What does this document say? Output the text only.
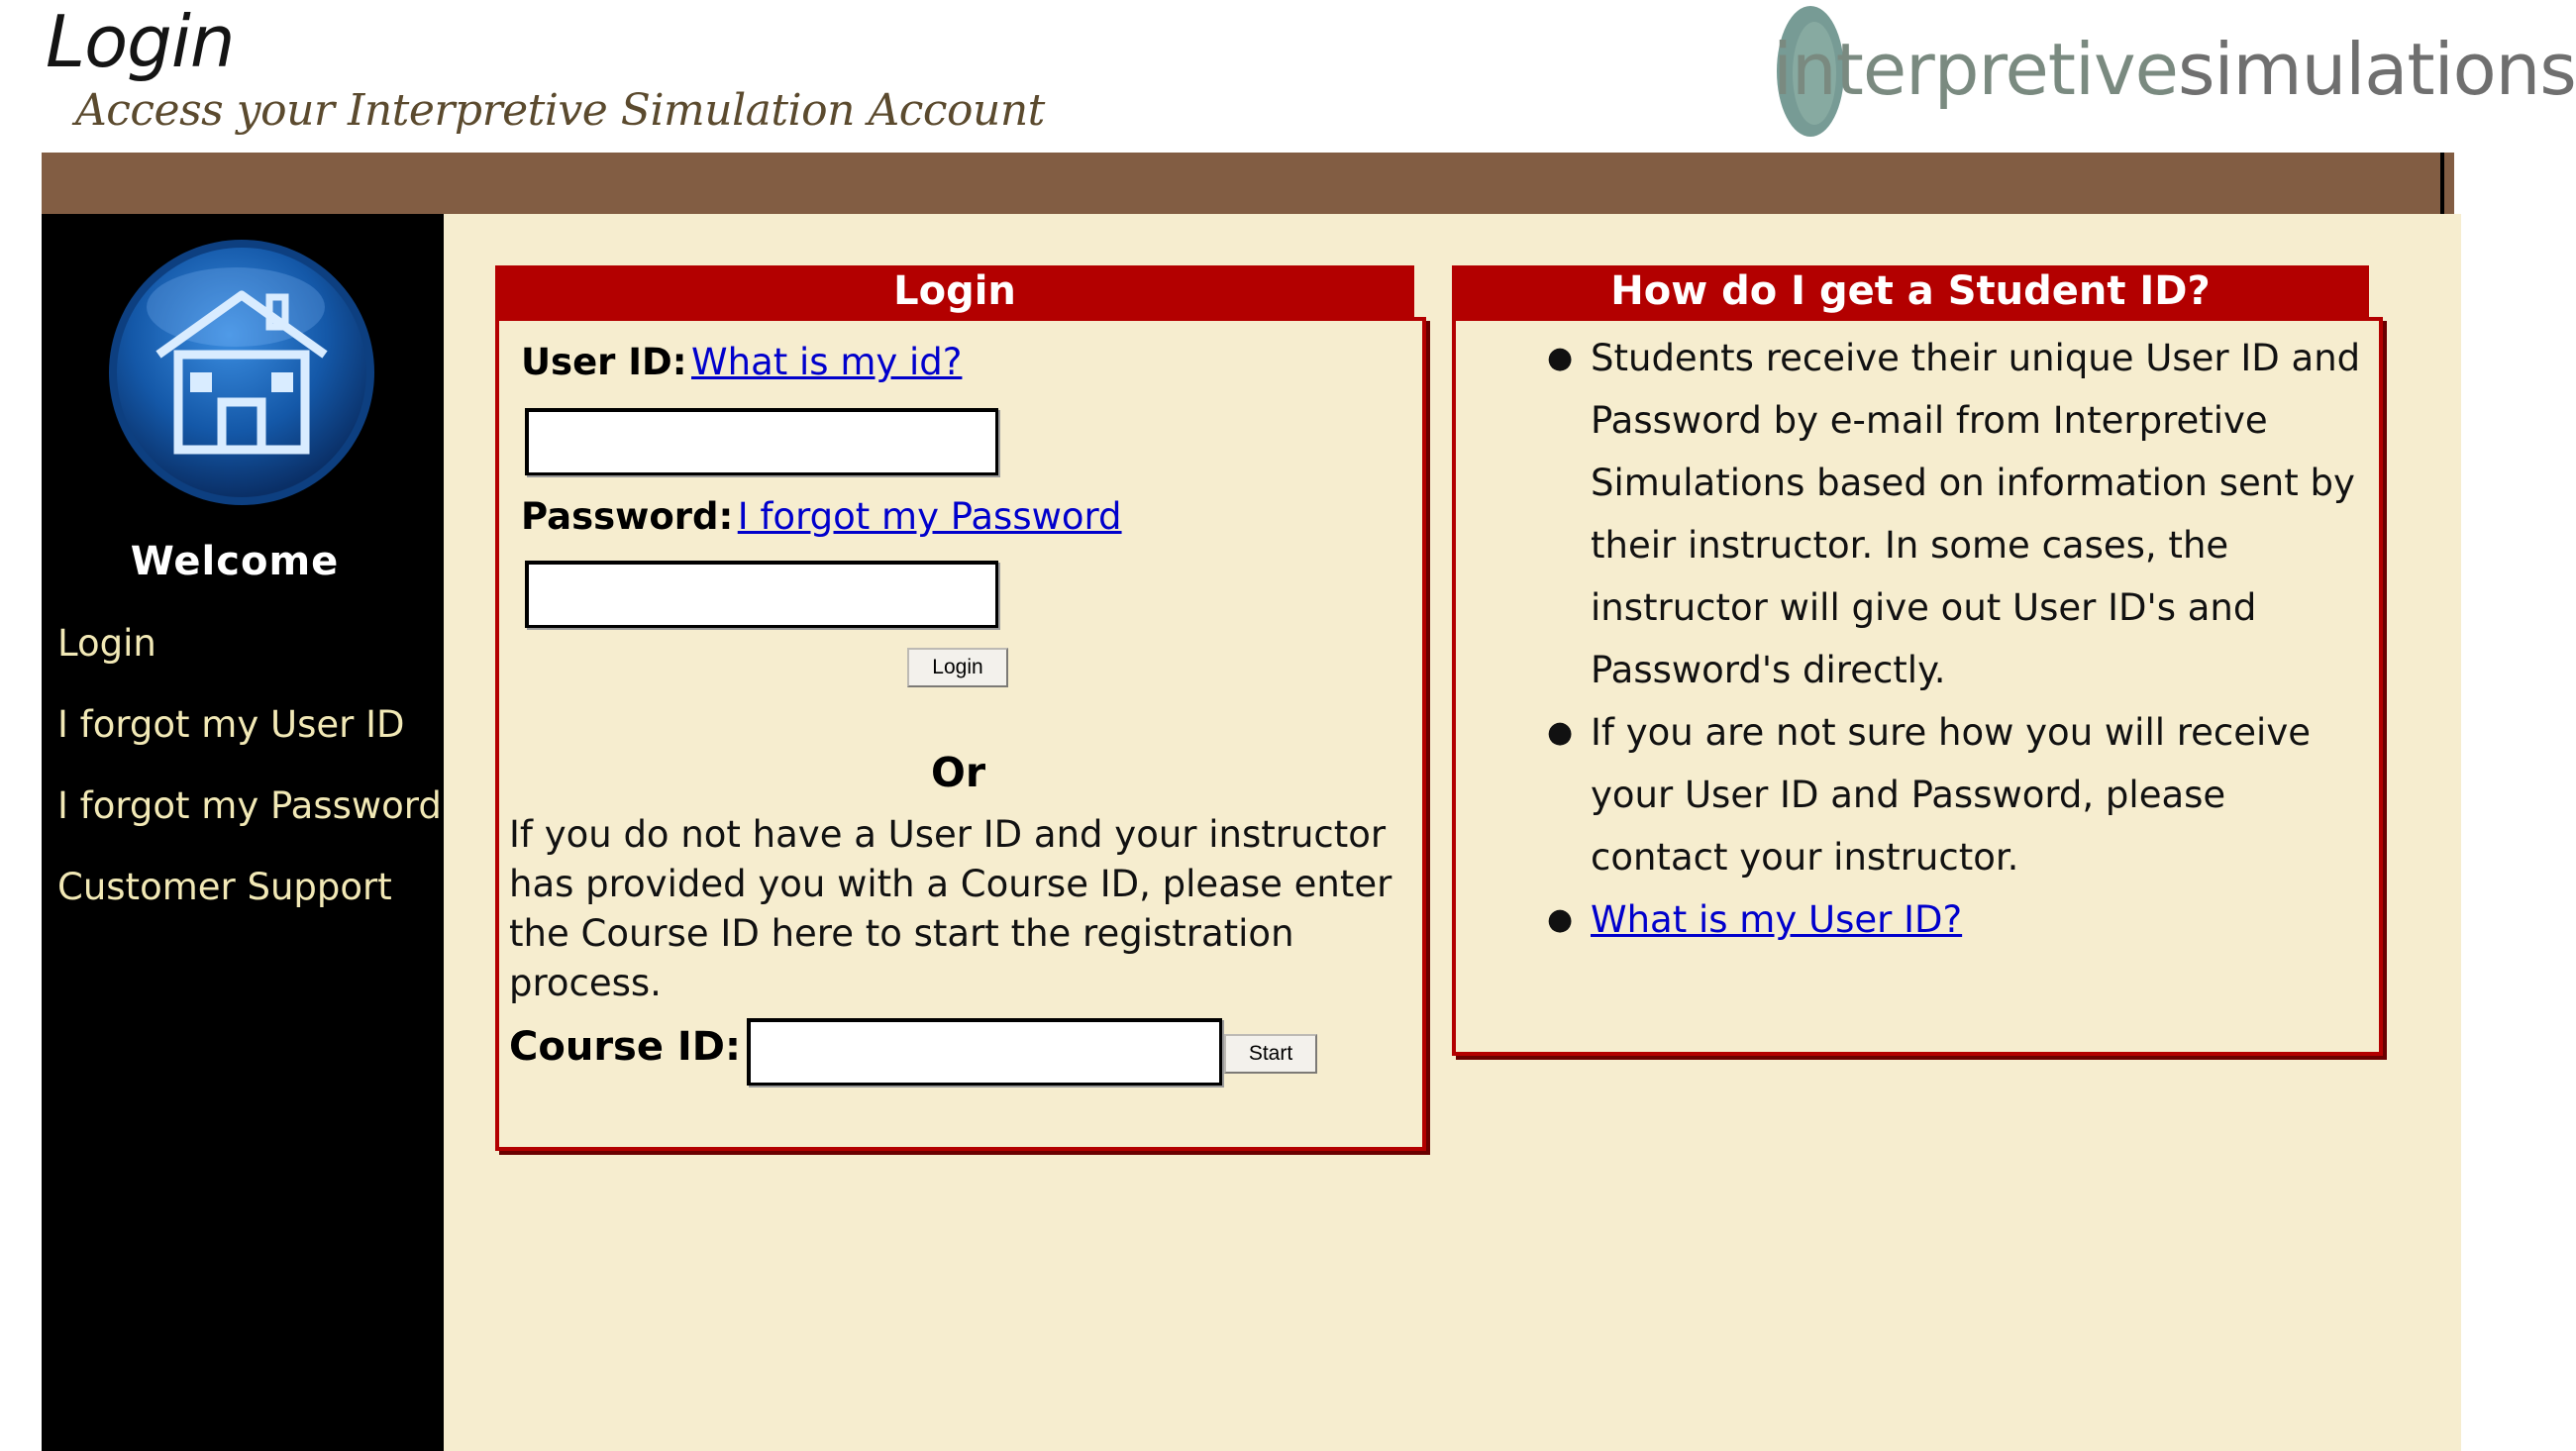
Login
Access your Interpretive Simulation Account	interpretivesimulations
Welcome
Login
I forgot my User ID
I forgot my Password
Customer Support
Login
User ID: What is my id?
Password: I forgot my Password
Login
Or
If you do not have a User ID and your instructor has provided you with a Course ID, please enter the Course ID here to start the registration process.
Course ID:	Start
How do I get a Student ID?
● Students receive their unique User ID and Password by e-mail from Interpretive Simulations based on information sent by their instructor. In some cases, the instructor will give out User ID's and Password's directly.
● If you are not sure how you will receive your User ID and Password, please contact your instructor.
● What is my User ID?
